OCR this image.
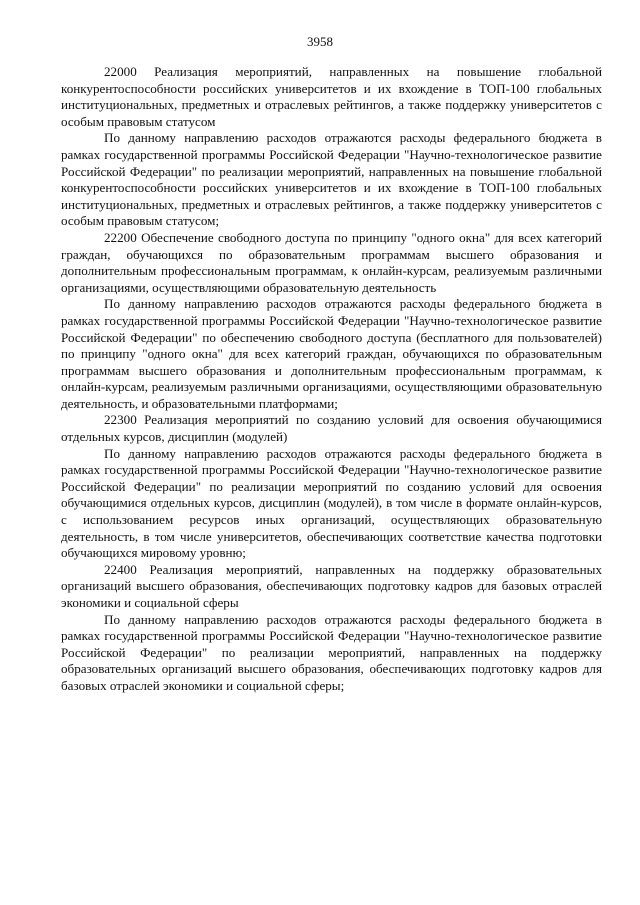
3958

22000 Реализация мероприятий, направленных на повышение глобальной конкурентоспособности российских университетов и их вхождение в ТОП-100 глобальных институциональных, предметных и отраслевых рейтингов, а также поддержку университетов с особым правовым статусом

По данному направлению расходов отражаются расходы федерального бюджета в рамках государственной программы Российской Федерации "Научно-технологическое развитие Российской Федерации" по реализации мероприятий, направленных на повышение глобальной конкурентоспособности российских университетов и их вхождение в ТОП-100 глобальных институциональных, предметных и отраслевых рейтингов, а также поддержку университетов с особым правовым статусом;

22200 Обеспечение свободного доступа по принципу "одного окна" для всех категорий граждан, обучающихся по образовательным программам высшего образования и дополнительным профессиональным программам, к онлайн-курсам, реализуемым различными организациями, осуществляющими образовательную деятельность

По данному направлению расходов отражаются расходы федерального бюджета в рамках государственной программы Российской Федерации "Научно-технологическое развитие Российской Федерации" по обеспечению свободного доступа (бесплатного для пользователей) по принципу "одного окна" для всех категорий граждан, обучающихся по образовательным программам высшего образования и дополнительным профессиональным программам, к онлайн-курсам, реализуемым различными организациями, осуществляющими образовательную деятельность, и образовательными платформами;

22300 Реализация мероприятий по созданию условий для освоения обучающимися отдельных курсов, дисциплин (модулей)

По данному направлению расходов отражаются расходы федерального бюджета в рамках государственной программы Российской Федерации "Научно-технологическое развитие Российской Федерации" по реализации мероприятий по созданию условий для освоения обучающимися отдельных курсов, дисциплин (модулей), в том числе в формате онлайн-курсов, с использованием ресурсов иных организаций, осуществляющих образовательную деятельность, в том числе университетов, обеспечивающих соответствие качества подготовки обучающихся мировому уровню;

22400 Реализация мероприятий, направленных на поддержку образовательных организаций высшего образования, обеспечивающих подготовку кадров для базовых отраслей экономики и социальной сферы

По данному направлению расходов отражаются расходы федерального бюджета в рамках государственной программы Российской Федерации "Научно-технологическое развитие Российской Федерации" по реализации мероприятий, направленных на поддержку образовательных организаций высшего образования, обеспечивающих подготовку кадров для базовых отраслей экономики и социальной сферы;
